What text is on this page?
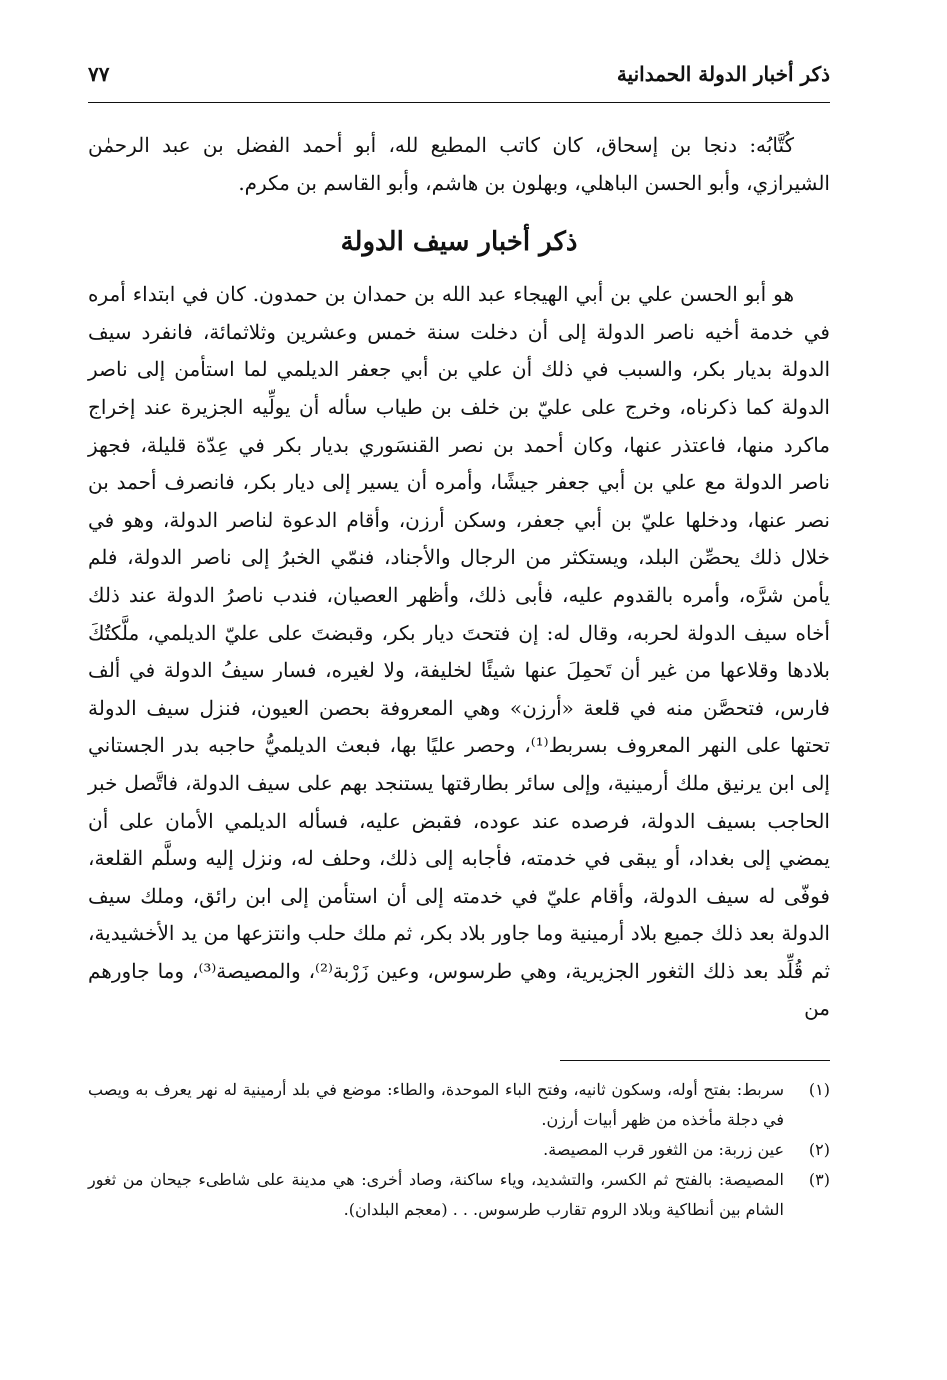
ذكر أخبار الدولة الحمدانية
٧٧

كُتَّابُه: دنجا بن إسحاق، كان كاتب المطيع لله، أبو أحمد الفضل بن عبد الرحمٰن الشيرازي، وأبو الحسن الباهلي، وبهلون بن هاشم، وأبو القاسم بن مكرم.

ذكر أخبار سيف الدولة

هو أبو الحسن علي بن أبي الهيجاء عبد الله بن حمدان بن حمدون. كان في ابتداء أمره في خدمة أخيه ناصر الدولة إلى أن دخلت سنة خمس وعشرين وثلاثمائة، فانفرد سيف الدولة بديار بكر، والسبب في ذلك أن علي بن أبي جعفر الديلمي لما استأمن إلى ناصر الدولة كما ذكرناه، وخرج على عليّ بن خلف بن طياب سأله أن يولِّيه الجزيرة عند إخراج ماكرد منها، فاعتذر عنها، وكان أحمد بن نصر القنسَوري بديار بكر في عِدّة قليلة، فجهز ناصر الدولة مع علي بن أبي جعفر جيشًا، وأمره أن يسير إلى ديار بكر، فانصرف أحمد بن نصر عنها، ودخلها عليّ بن أبي جعفر، وسكن أرزن، وأقام الدعوة لناصر الدولة، وهو في خلال ذلك يحصِّن البلد، ويستكثر من الرجال والأجناد، فنمّي الخبرُ إلى ناصر الدولة، فلم يأمن شرَّه، وأمره بالقدوم عليه، فأبى ذلك، وأظهر العصيان، فندب ناصرُ الدولة عند ذلك أخاه سيف الدولة لحربه، وقال له: إن فتحتَ ديار بكر، وقبضتَ على عليّ الديلمي، ملَّكتُكَ بلادها وقلاعها من غير أن تَحمِلَ عنها شيئًا لخليفة، ولا لغيره، فسار سيفُ الدولة في ألف فارس، فتحصَّن منه في قلعة «أرزن» وهي المعروفة بحصن العيون، فنزل سيف الدولة تحتها على النهر المعروف بسربط⁽¹⁾، وحصر عليًا بها، فبعث الديلميُّ حاجبه بدر الجستاني إلى ابن يرنيق ملك أرمينية، وإلى سائر بطارقتها يستنجد بهم على سيف الدولة، فاتَّصل خبر الحاجب بسيف الدولة، فرصده عند عوده، فقبض عليه، فسأله الديلمي الأمان على أن يمضي إلى بغداد، أو يبقى في خدمته، فأجابه إلى ذلك، وحلف له، ونزل إليه وسلَّم القلعة، فوفّى له سيف الدولة، وأقام عليّ في خدمته إلى أن استأمن إلى ابن رائق، وملك سيف الدولة بعد ذلك جميع بلاد أرمينية وما جاور بلاد بكر، ثم ملك حلب وانتزعها من يد الأخشيدية، ثم قُلِّد بعد ذلك الثغور الجزيرية، وهي طرسوس، وعين زَرْبة⁽²⁾، والمصيصة⁽³⁾، وما جاورهم من

(١)
سربط: بفتح أوله، وسكون ثانيه، وفتح الباء الموحدة، والطاء: موضع في بلد أرمينية له نهر يعرف به ويصب في دجلة مأخذه من ظهر أبيات أرزن.
(٢)
عين زربة: من الثغور قرب المصيصة.
(٣)
المصيصة: بالفتح ثم الكسر، والتشديد، وياء ساكنة، وصاد أخرى: هي مدينة على شاطىء جيحان من ثغور الشام بين أنطاكية وبلاد الروم تقارب طرسوس. . . (معجم البلدان).
